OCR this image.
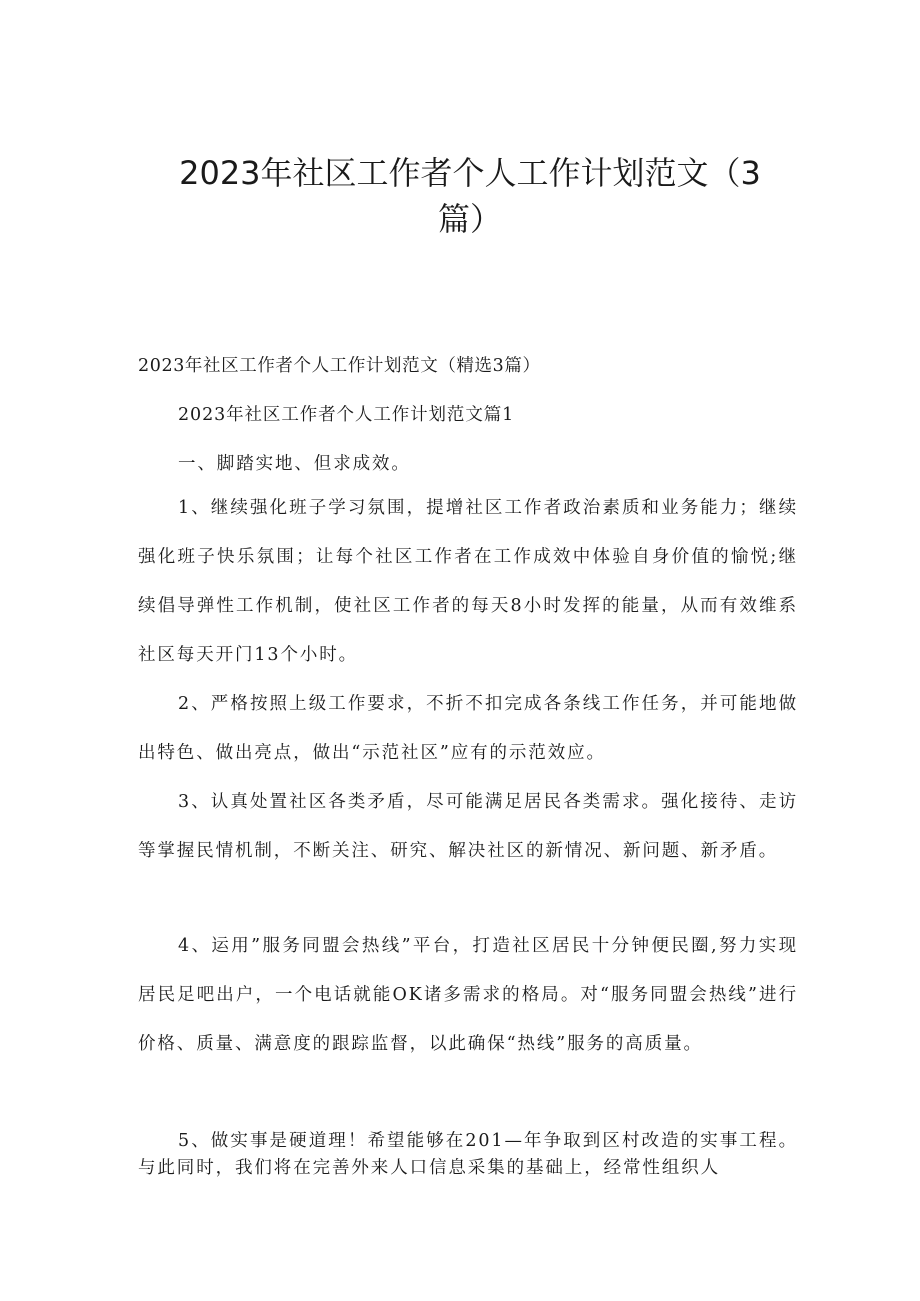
2023年社区工作者个人工作计划范文（3
篇）
2023年社区工作者个人工作计划范文（精选3篇）
2023年社区工作者个人工作计划范文篇1
一、脚踏实地、但求成效。

1、继续强化班子学习氛围，提增社区工作者政治素质和业务能力；继续强化班子快乐氛围；让每个社区工作者在工作成效中体验自身价值的愉悦;继续倡导弹性工作机制，使社区工作者的每天8小时发挥的能量，从而有效维系社区每天开门13个小时。

2、严格按照上级工作要求，不折不扣完成各条线工作任务，并可能地做出特色、做出亮点，做出“示范社区”应有的示范效应。

3、认真处置社区各类矛盾，尽可能满足居民各类需求。强化接待、走访等掌握民情机制，不断关注、研究、解决社区的新情况、新问题、新矛盾。

4、运用”服务同盟会热线”平台，打造社区居民十分钟便民圈,努力实现居民足吧出户，一个电话就能OK诸多需求的格局。对“服务同盟会热线”进行价格、质量、满意度的跟踪监督，以此确保“热线”服务的高质量。

5、做实事是硬道理！希望能够在201—年争取到区村改造的实事工程。与此同时，我们将在完善外来人口信息采集的基础上，经常性组织人
